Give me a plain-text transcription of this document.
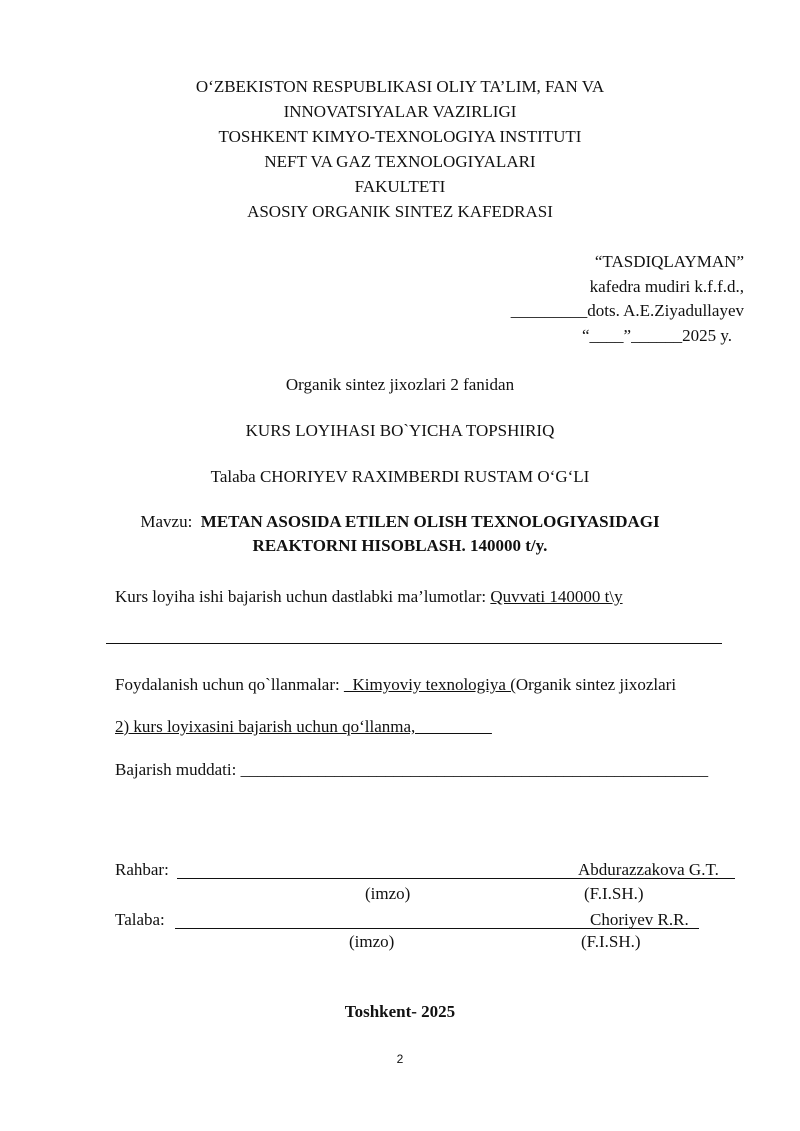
O‘ZBEKISTON RESPUBLIKASI OLIY TA’LIM, FAN VA
INNOVATSIYALAR VAZIRLIGI
TOSHKENT KIMYO-TEXNOLOGIYA INSTITUTI
NEFT VA GAZ TEXNOLOGIYALARI
FAKULTETI
ASOSIY ORGANIK SINTEZ KAFEDRASI
“TASDIQLAYMAN”
kafedra mudiri k.f.f.d.,
_________dots. A.E.Ziyadullayev
“____”______2025 y.
Organik sintez jixozlari 2 fanidan
KURS LOYIHASI BO`YICHA TOPSHIRIQ
Talaba CHORIYEV RAXIMBERDI RUSTAM O‘G‘LI
Mavzu: METAN ASOSIDA ETILEN OLISH TEXNOLOGIYASIDAGI
REAKTORNI HISOBLASH. 140000 t/y.
Kurs loyiha ishi bajarish uchun dastlabki ma’lumotlar: Quvvati 140000 t\y
Foydalanish uchun qo`llanmalar: _Kimyoviy texnologiya (Organik sintez jixozlari
2) kurs loyixasini bajarish uchun qo‘llanma,_________
Bajarish muddati: _______________________________________________________
Rahbar:	Abdurazzakova G.T.
(imzo)	(F.I.SH.)
Talaba:	Choriyev R.R.
(imzo)	(F.I.SH.)
Toshkent- 2025
2
